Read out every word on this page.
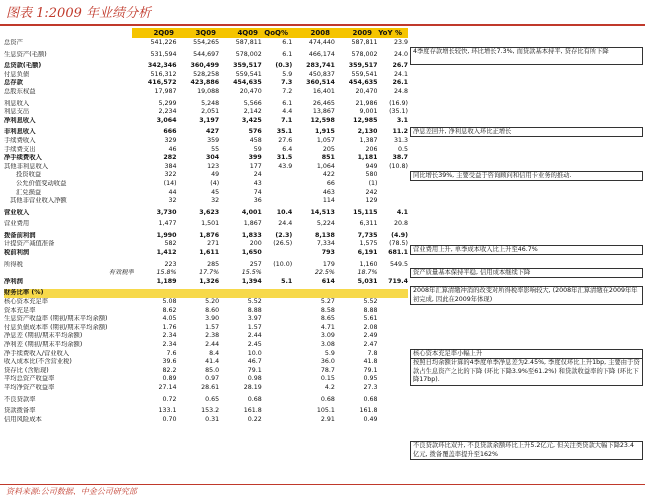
图表 1:2009 年业绩分析
2Q09	3Q09	4Q09 QoQ%	2008	2009 YoY %
总资产	541,226	554,265	587,811	6.1	474,440	587,811	23.9

生息资产(毛额)	531,594	544,697	578,002	6.1	466,174	578,002	24.0

总贷款(毛额)	342,346	360,499	359,517	(0.3)	283,741	359,517	26.7
付息负债	516,312	528,258	559,541	5.9	450,837	559,541	24.1
总存款	416,572	423,886	454,635	7.3	360,514	454,635	26.1
总股东权益	17,987	19,088	20,470	7.2	16,401	20,470	24.8

利息收入	5,299	5,248	5,566	6.1	26,465	21,986	(16.9)
利息支出	2,234	2,051	2,142	4.4	13,867	9,001	(35.1)
净利息收入	3,064	3,197	3,425	7.1	12,598	12,985	3.1

非利息收入	666	427	576	35.1	1,915	2,130	11.2
手续费收入	329	359	458	27.6	1,057	1,387	31.3
手续费支出	46	55	59	6.4	205	206	0.5
净手续费收入	282	304	399	31.5	851	1,181	38.7
其他非利息收入	384	123	177	43.9	1,064	949	(10.8)
投资收益	322	49	24		422	580	
公允价值变动收益	(14)	(4)	43		66	(1)	
汇兑损益	44	45	74		463	242	
其他非营业收入净额	32	32	36		114	129	

营业收入	3,730	3,623	4,001	10.4	14,513	15,115	4.1

营业费用	1,477	1,501	1,867	24.4	5,224	6,311	20.8

拨备前利润	1,990	1,876	1,833	(2.3)	8,138	7,735	(4.9)
计提资产减值准备	582	271	200	(26.5)	7,334	1,575	(78.5)
税前利润	1,412	1,611	1,650		793	6,191	681.1

所得税	223	285	257	(10.0)	179	1,160	549.5
有效税率	15.8%	17.7%	15.5%		22.5%	18.7%	
净利润	1,189	1,326	1,394	5.1	614	5,031	719.4

财务比率 (%)							
核心资本充足率	5.08	5.20	5.52		5.27	5.52	
资本充足率	8.62	8.60	8.88		8.58	8.88	
生息资产收益率 (期初/期末平均余额)	4.05	3.90	3.97		8.65	5.61	
付息负债成本率 (期初/期末平均余额)	1.76	1.57	1.57		4.71	2.08	
净息差 (期初/期末平均余额)	2.34	2.38	2.44		3.09	2.49	
净利差 (期初/期末平均余额)	2.34	2.44	2.45		3.08	2.47	
净手续费收入/营业收入	7.6	8.4	10.0		5.9	7.8	
收入成本比(不含营业税)	39.6	41.4	46.7		36.0	41.8	
贷存比 (含贴现)	82.2	85.0	79.1		78.7	79.1	
平均总资产收益率	0.89	0.97	0.98		0.15	0.95	
平均净资产收益率	27.14	28.61	28.19		4.2	27.3	

不良贷款率	0.72	0.65	0.68		0.68	0.68	

贷款拨备率	133.1	153.2	161.8		105.1	161.8	
信用风险成本	0.70	0.31	0.22		2.91	0.49	
4季度存款增长较快, 环比增长7.3%, 而贷款基本持平, 贷存比有所下降
净息差回升, 净利息收入环比正增长
同比增长39%, 主要受益于咨询顾问和信用卡业务的推动.
营业费用上升, 单季成本收入比上升至46.7%
资产质量基本保持平稳, 信用成本继续下降
2008年汇算清缴冲消的改变对所得税率影响较大, (2008年汇算清缴在2009年年初完成, 因此在2009年体现)
核心资本充足率小幅上升
按照日均余额计算的4季度单季净息差为2.45%, 季度仅环比上升1bp, 主要由于贷款占生息资产之比的下降 (环比下降3.9%至61.2%) 和贷款收益率的下降 (环比下降17bp).
不良贷款环比双升, 不良贷款余额环比上升5.2亿元, 但关注类贷款大幅下降23.4亿元, 拨备覆盖率提升至162%
资料来源:公司数据、中金公司研究部
